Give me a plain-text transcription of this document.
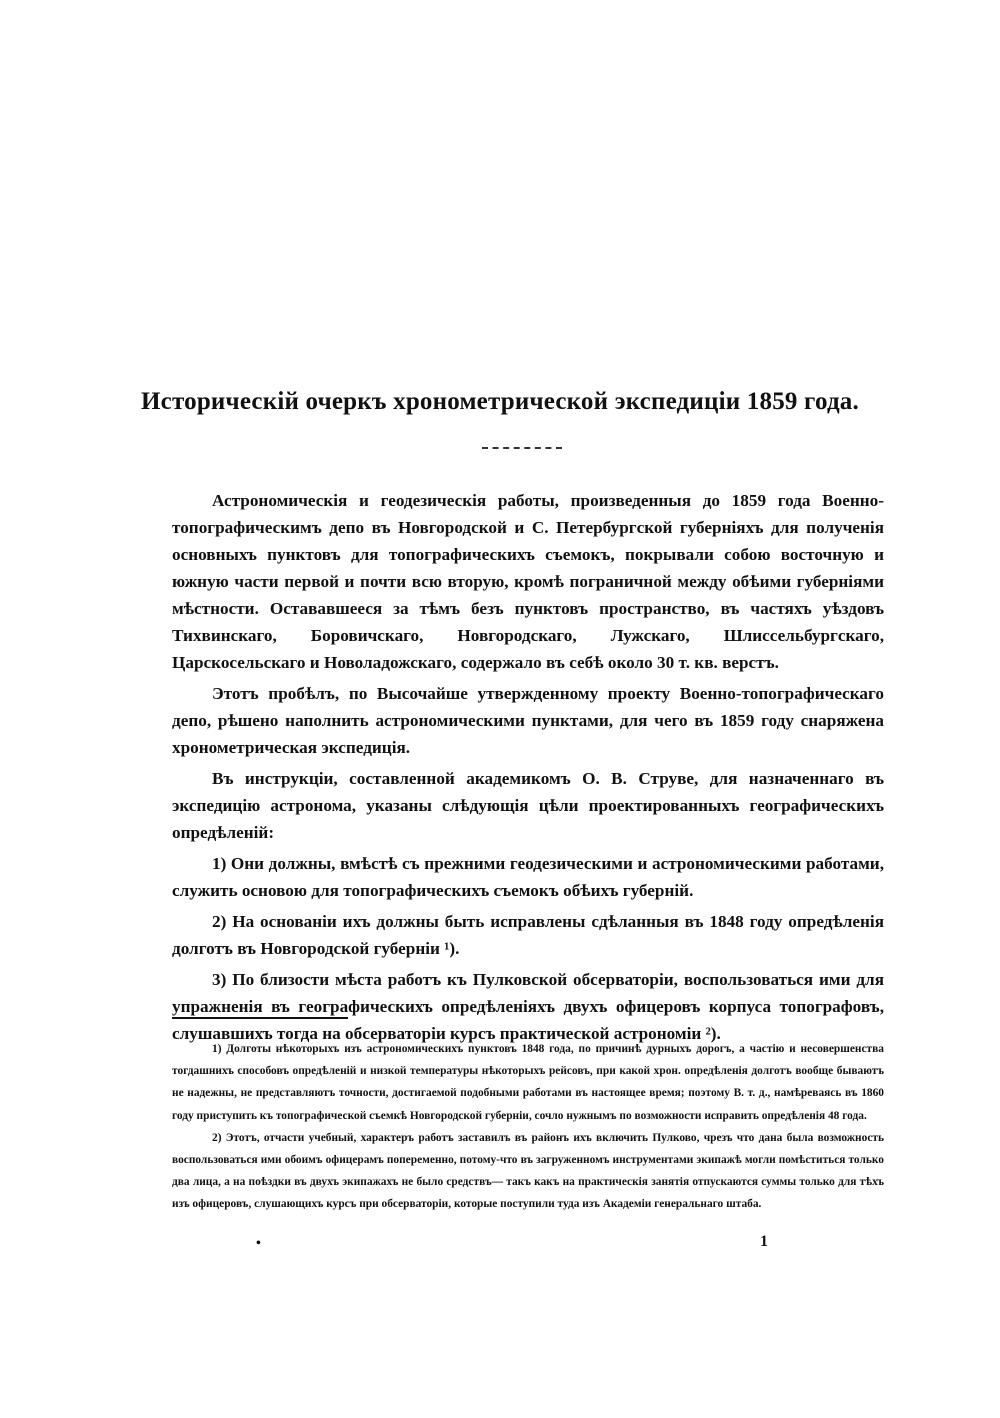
Историческій очеркъ хронометрической экспедиціи 1859 года.

Астрономическія и геодезическія работы, произведенныя до 1859 года Военно-топографическимъ депо въ Новгородской и С. Петербургской губерніяхъ для полученія основныхъ пунктовъ для топографическихъ съемокъ, покрывали собою восточную и южную части первой и почти всю вторую, кромѣ пограничной между обѣими губерніями мѣстности. Остававшееся за тѣмъ безъ пунктовъ пространство, въ частяхъ уѣздовъ Тихвинскаго, Боровичскаго, Новгородскаго, Лужскаго, Шлиссельбургскаго, Царскосельскаго и Новоладожскаго, содержало въ себѣ около 30 т. кв. верстъ.

Этотъ пробѣлъ, по Высочайше утвержденному проекту Военно-топографическаго депо, рѣшено наполнить астрономическими пунктами, для чего въ 1859 году снаряжена хронометрическая экспедиція.

Въ инструкціи, составленной академикомъ О. В. Струве, для назначеннаго въ экспедицію астронома, указаны слѣдующія цѣли проектированныхъ географическихъ опредѣленій:

1) Они должны, вмѣстѣ съ прежними геодезическими и астрономическими работами, служить основою для топографическихъ съемокъ обѣихъ губерній.

2) На основаніи ихъ должны быть исправлены сдѣланныя въ 1848 году опредѣленія долготъ въ Новгородской губерніи ¹).

3) По близости мѣста работъ къ Пулковской обсерваторіи, воспользоваться ими для упражненія въ географическихъ опредѣленіяхъ двухъ офицеровъ корпуса топографовъ, слушавшихъ тогда на обсерваторіи курсъ практической астрономіи ²).

1) Долготы нѣкоторыхъ изъ астрономическихъ пунктовъ 1848 года, по причинѣ дурныхъ дорогъ, а частію и несовершенства тогдашнихъ способовъ опредѣленій и низкой температуры нѣкоторыхъ рейсовъ, при какой хрон. опредѣленія долготъ вообще бываютъ не надежны, не представляютъ точности, достигаемой подобными работами въ настоящее время; поэтому В. т. д., намѣреваясь въ 1860 году приступить къ топографической съемкѣ Новгородской губерніи, сочло нужнымъ по возможности исправить опредѣленія 48 года.

2) Этотъ, отчасти учебный, характеръ работъ заставилъ въ районъ ихъ включить Пулково, чрезъ что дана была возможность воспользоваться ими обоимъ офицерамъ попеременно, потому-что въ загруженномъ инструментами экипажѣ могли помѣститься только два лица, а на поѣздки въ двухъ экипажахъ не было средствъ— такъ какъ на практическія занятія отпускаются суммы только для тѣхъ изъ офицеровъ, слушающихъ курсъ при обсерваторіи, которые поступили туда изъ Академіи генеральнаго штаба.

•	1
